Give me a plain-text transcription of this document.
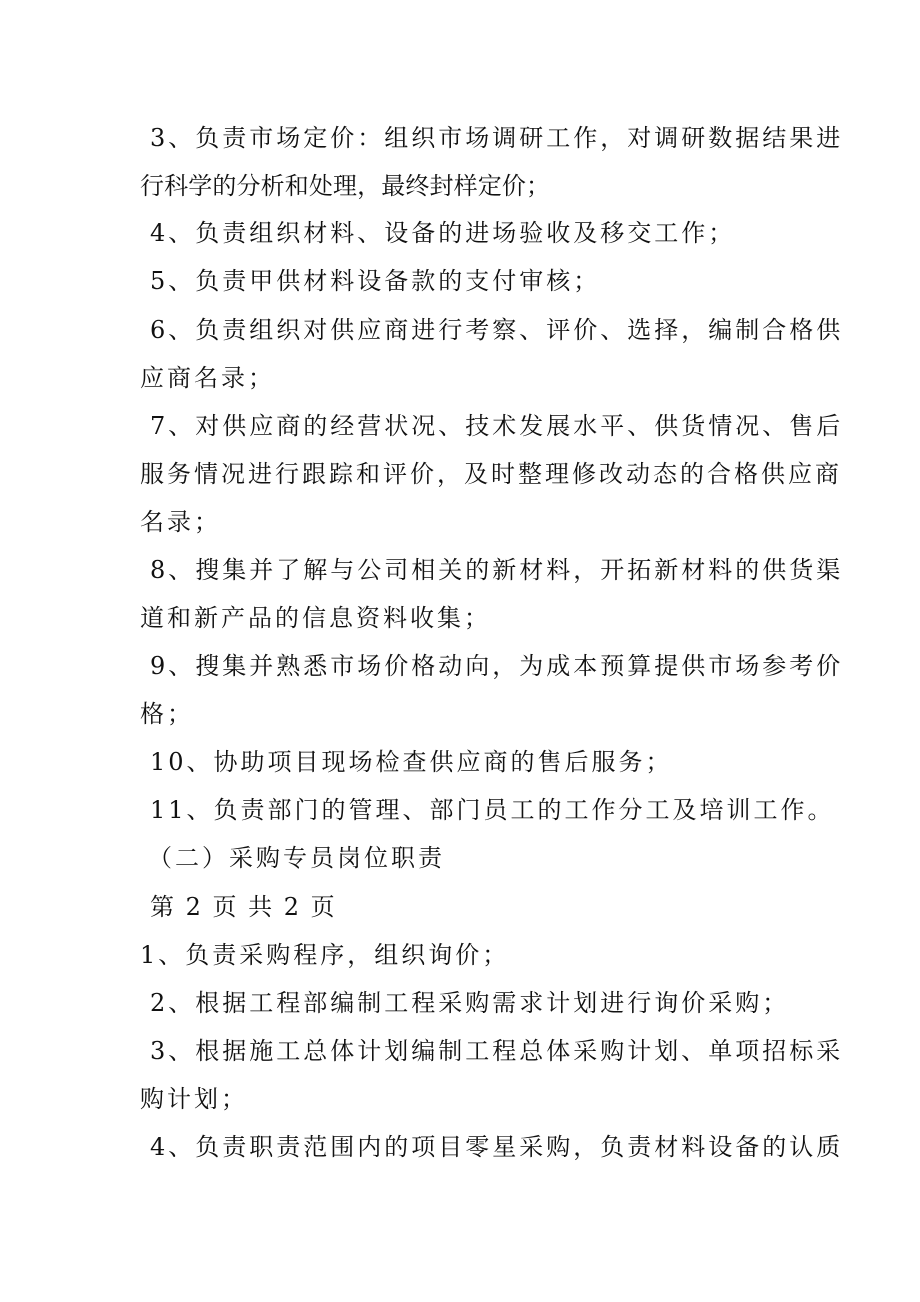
3、负责市场定价：组织市场调研工作，对调研数据结果进
行科学的分析和处理，最终封样定价；
4、负责组织材料、设备的进场验收及移交工作；
5、负责甲供材料设备款的支付审核；
6、负责组织对供应商进行考察、评价、选择，编制合格供
应商名录；
7、对供应商的经营状况、技术发展水平、供货情况、售后
服务情况进行跟踪和评价，及时整理修改动态的合格供应商
名录；
8、搜集并了解与公司相关的新材料，开拓新材料的供货渠
道和新产品的信息资料收集；
9、搜集并熟悉市场价格动向，为成本预算提供市场参考价
格；
10、协助项目现场检查供应商的售后服务；
11、负责部门的管理、部门员工的工作分工及培训工作。
（二）采购专员岗位职责
第 2 页 共 2 页
1、负责采购程序，组织询价；
2、根据工程部编制工程采购需求计划进行询价采购；
3、根据施工总体计划编制工程总体采购计划、单项招标采
购计划；
4、负责职责范围内的项目零星采购，负责材料设备的认质
